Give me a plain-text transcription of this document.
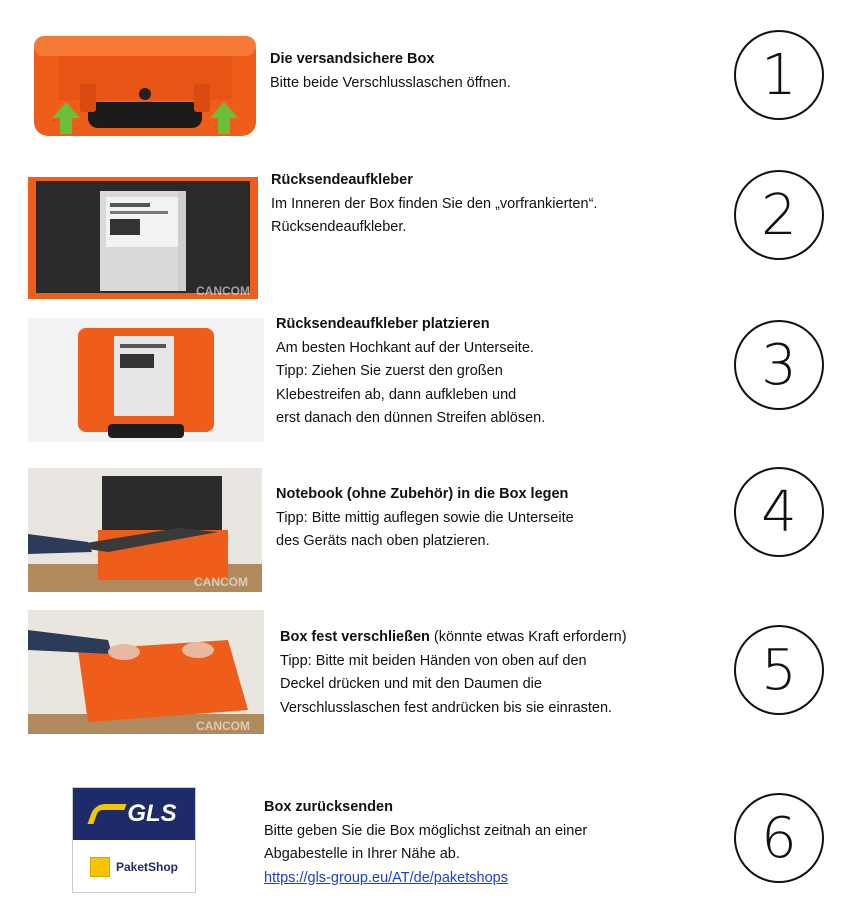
Die versandsichere Box
Bitte beide Verschlusslaschen öffnen.	1
CANCOM
Rücksendeaufkleber
Im Inneren der Box finden Sie den „vorfrankierten“.
Rücksendeaufkleber.	2
Rücksendeaufkleber platzieren
Am besten Hochkant auf der Unterseite.
Tipp: Ziehen Sie zuerst den großen
Klebestreifen ab, dann aufkleben und
erst danach den dünnen Streifen ablösen.
3
CANCOM
Notebook (ohne Zubehör) in die Box legen
Tipp: Bitte mittig auflegen sowie die Unterseite
des Geräts nach oben platzieren.	4
CANCOM
Box fest verschließen (könnte etwas Kraft erfordern)
Tipp: Bitte mit beiden Händen von oben auf den
Deckel drücken und mit den Daumen die
Verschlusslaschen fest andrücken bis sie einrasten.
5
GLS
PaketShop
Box zurücksenden
Bitte geben Sie die Box möglichst zeitnah an einer
Abgabestelle in Ihrer Nähe ab.
https://gls-group.eu/AT/de/paketshops
6
